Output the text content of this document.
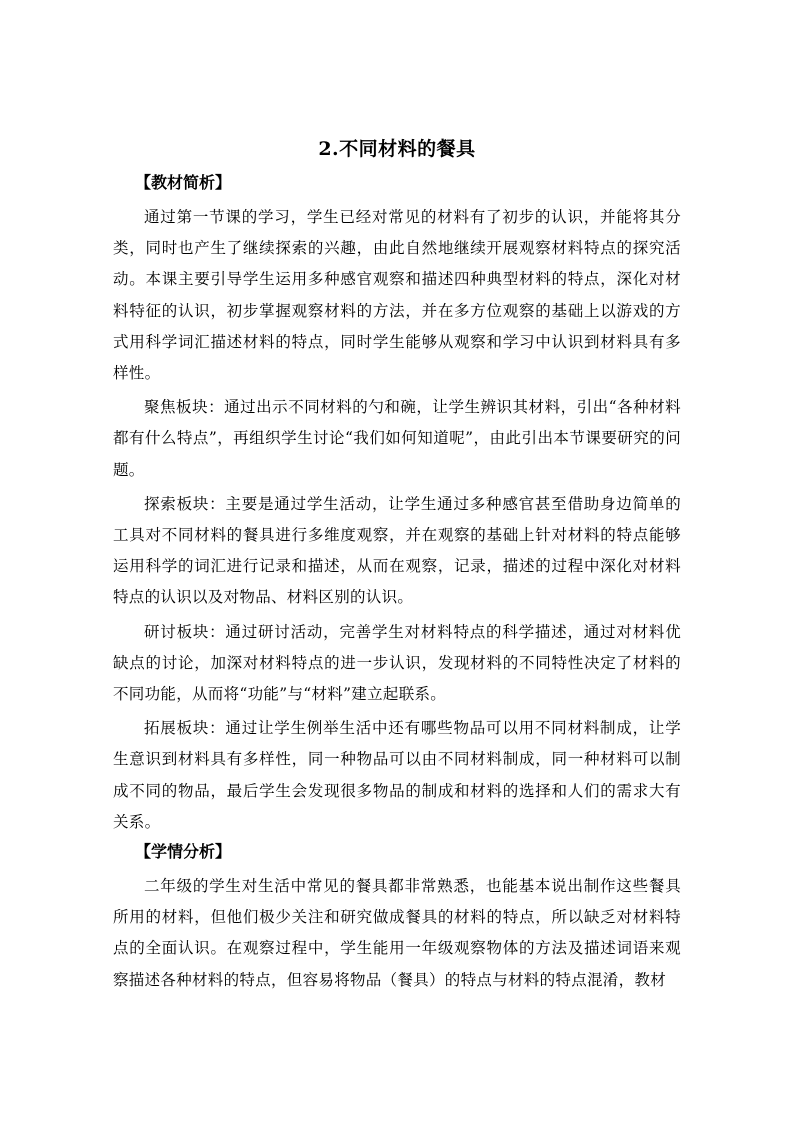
2.不同材料的餐具
【教材简析】

通过第一节课的学习，学生已经对常见的材料有了初步的认识，并能将其分类，同时也产生了继续探索的兴趣，由此自然地继续开展观察材料特点的探究活动。本课主要引导学生运用多种感官观察和描述四种典型材料的特点，深化对材料特征的认识，初步掌握观察材料的方法，并在多方位观察的基础上以游戏的方式用科学词汇描述材料的特点，同时学生能够从观察和学习中认识到材料具有多样性。

聚焦板块：通过出示不同材料的勺和碗，让学生辨识其材料，引出“各种材料都有什么特点”，再组织学生讨论“我们如何知道呢”，由此引出本节课要研究的问题。

探索板块：主要是通过学生活动，让学生通过多种感官甚至借助身边简单的工具对不同材料的餐具进行多维度观察，并在观察的基础上针对材料的特点能够运用科学的词汇进行记录和描述，从而在观察，记录，描述的过程中深化对材料特点的认识以及对物品、材料区别的认识。

研讨板块：通过研讨活动，完善学生对材料特点的科学描述，通过对材料优缺点的讨论，加深对材料特点的进一步认识，发现材料的不同特性决定了材料的不同功能，从而将“功能”与“材料”建立起联系。

拓展板块：通过让学生例举生活中还有哪些物品可以用不同材料制成，让学生意识到材料具有多样性，同一种物品可以由不同材料制成，同一种材料可以制成不同的物品，最后学生会发现很多物品的制成和材料的选择和人们的需求大有关系。

【学情分析】

二年级的学生对生活中常见的餐具都非常熟悉，也能基本说出制作这些餐具所用的材料，但他们极少关注和研究做成餐具的材料的特点，所以缺乏对材料特点的全面认识。在观察过程中，学生能用一年级观察物体的方法及描述词语来观察描述各种材料的特点，但容易将物品（餐具）的特点与材料的特点混淆，教材
